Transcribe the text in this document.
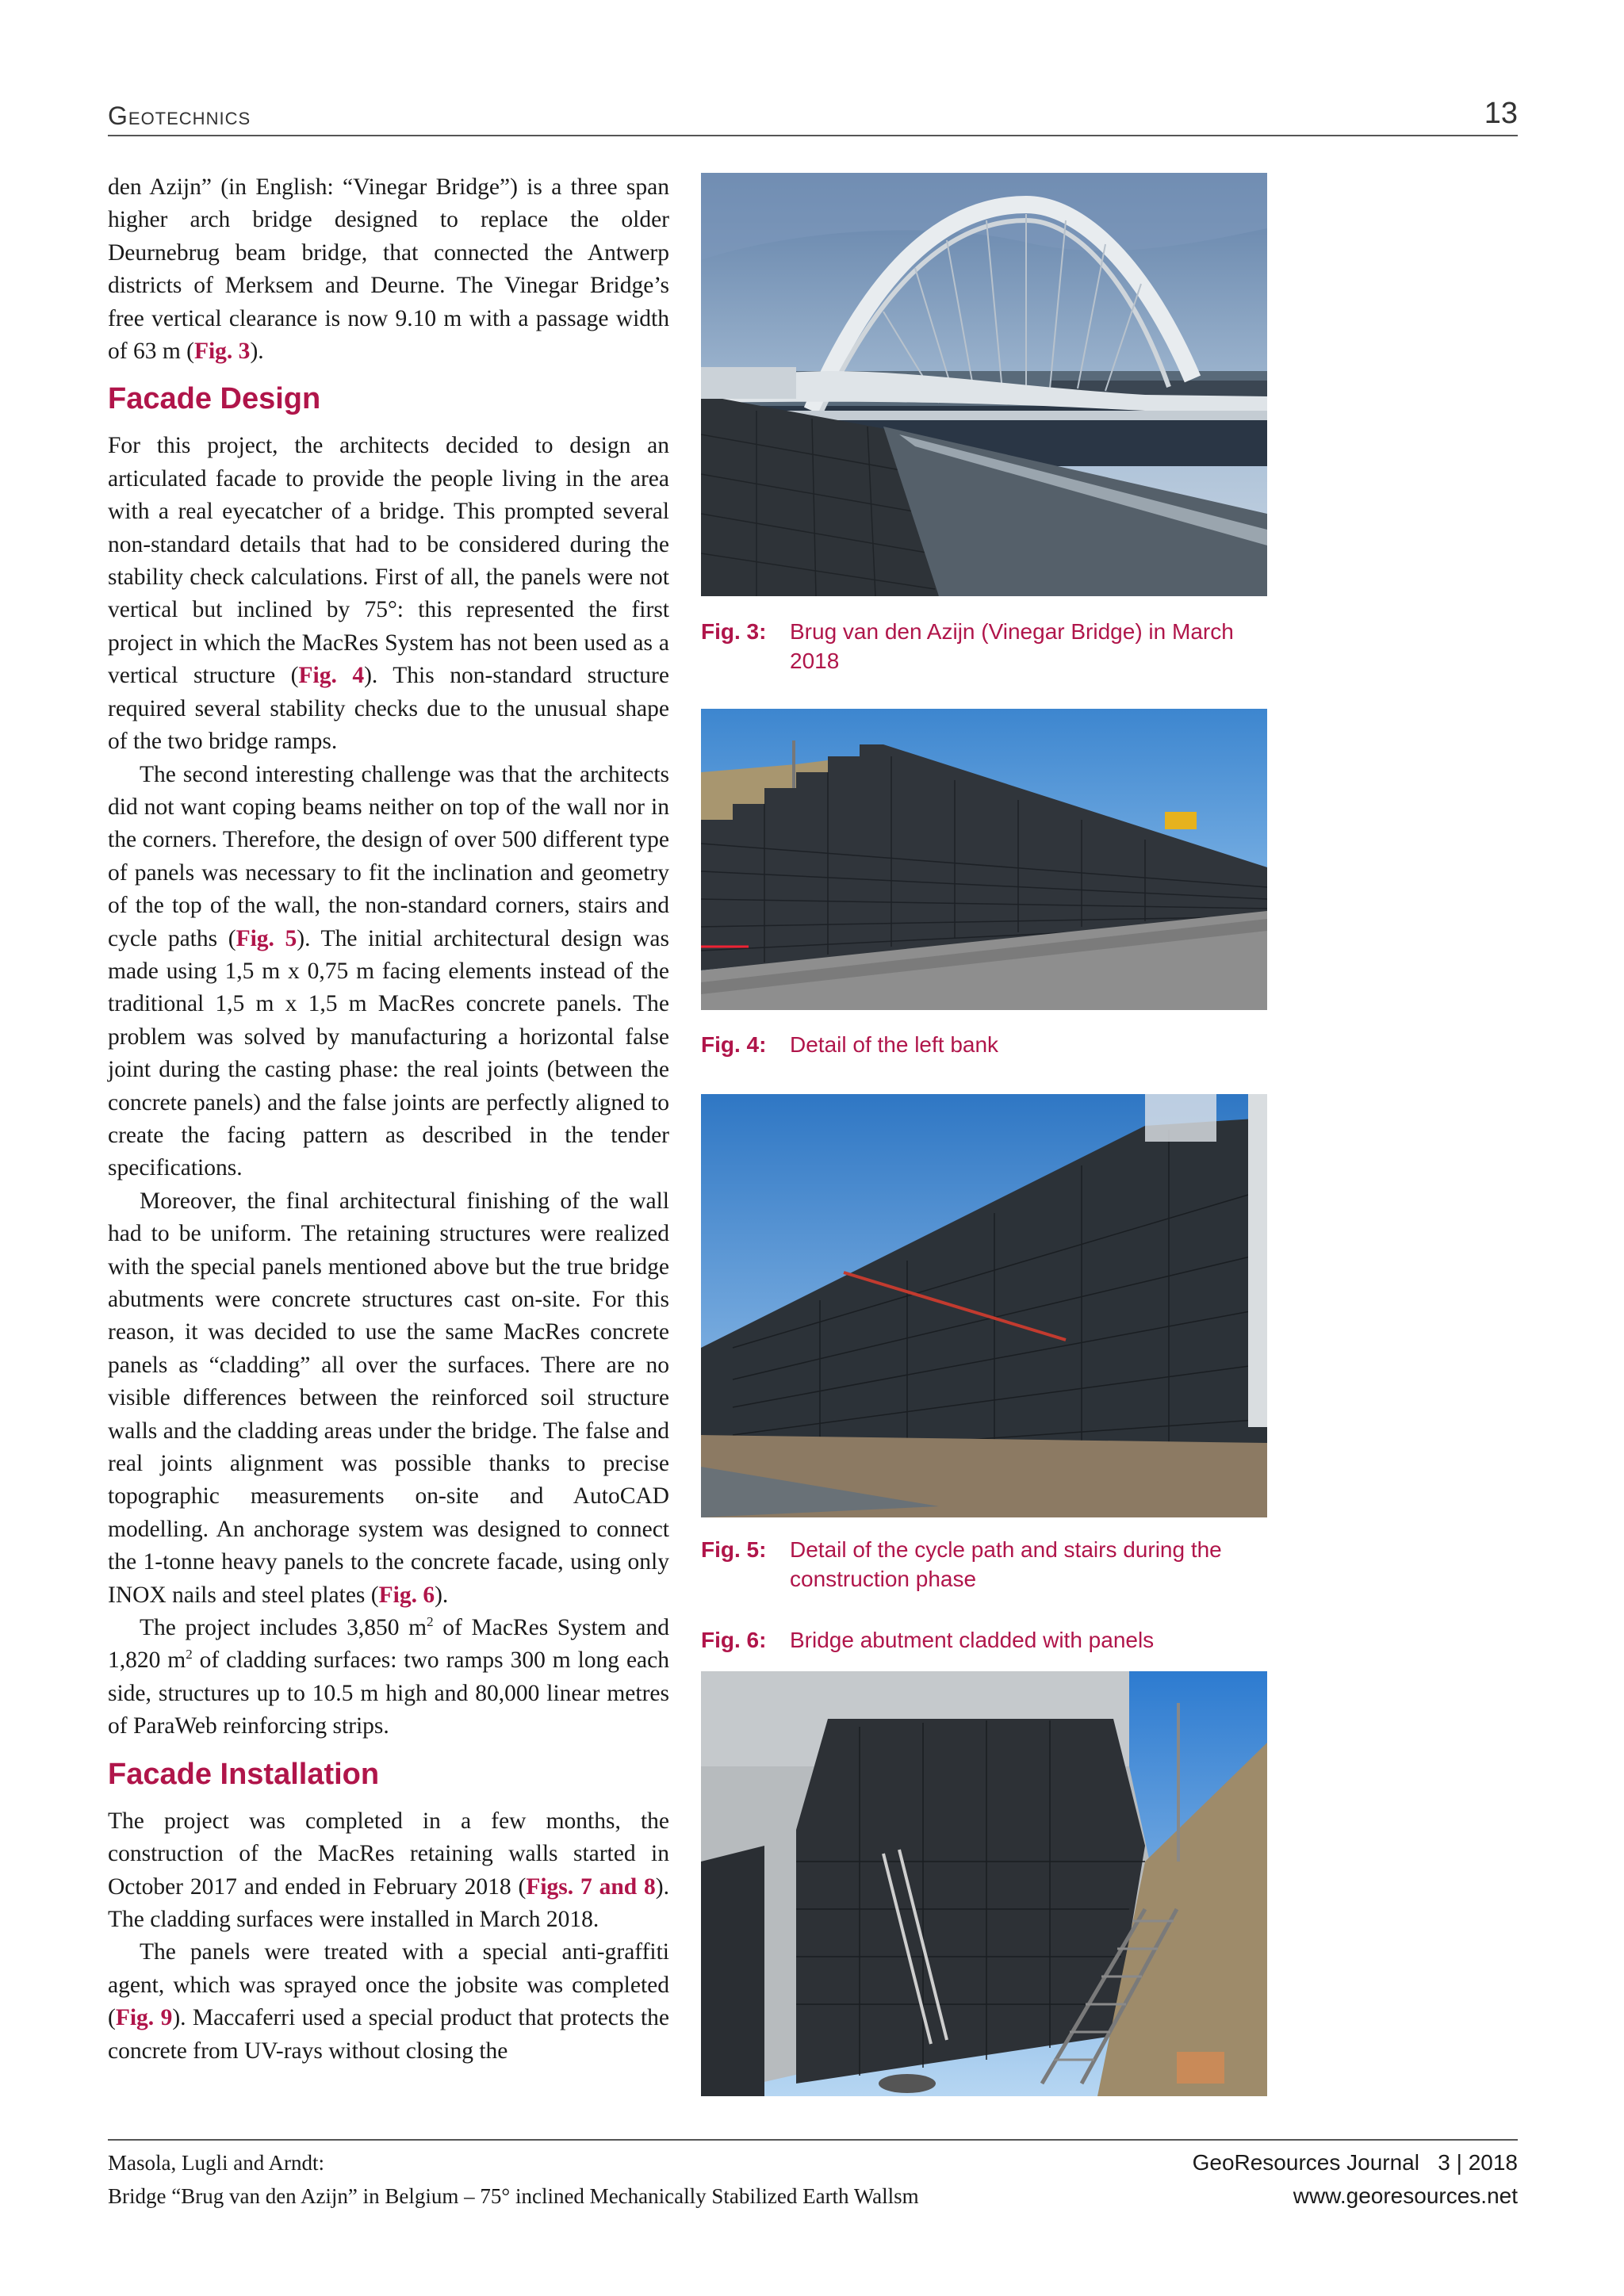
Geotechnics	13

den Azijn” (in English: “Vinegar Bridge”) is a three span higher arch bridge designed to replace the older Deurnebrug beam bridge, that connected the Antwerp districts of Merksem and Deurne. The Vinegar Bridge’s free vertical clearance is now 9.10 m with a passage width of 63 m (Fig. 3).

Facade Design

For this project, the architects decided to design an articulated facade to provide the people living in the area with a real eyecatcher of a bridge. This prompted several non-standard details that had to be considered during the stability check calculations. First of all, the panels were not vertical but inclined by 75°: this represented the first project in which the MacRes System has not been used as a vertical structure (Fig. 4). This non-standard structure required several stability checks due to the unusual shape of the two bridge ramps.

The second interesting challenge was that the architects did not want coping beams neither on top of the wall nor in the corners. Therefore, the design of over 500 different type of panels was necessary to fit the inclination and geometry of the top of the wall, the non-standard corners, stairs and cycle paths (Fig. 5). The initial architectural design was made using 1,5 m x 0,75 m facing elements instead of the traditional 1,5 m x 1,5 m MacRes concrete panels. The problem was solved by manufacturing a horizontal false joint during the casting phase: the real joints (between the concrete panels) and the false joints are perfectly aligned to create the facing pattern as described in the tender specifications.

Moreover, the final architectural finishing of the wall had to be uniform. The retaining structures were realized with the special panels mentioned above but the true bridge abutments were concrete structures cast on-site. For this reason, it was decided to use the same MacRes concrete panels as “cladding” all over the surfaces. There are no visible differences between the reinforced soil structure walls and the cladding areas under the bridge. The false and real joints alignment was possible thanks to precise topographic measurements on-site and AutoCAD modelling. An anchorage system was designed to connect the 1-tonne heavy panels to the concrete facade, using only INOX nails and steel plates (Fig. 6).

The project includes 3,850 $m^2$ of MacRes System and 1,820 $m^2$ of cladding surfaces: two ramps 300 m long each side, structures up to 10.5 m high and 80,000 linear metres of ParaWeb reinforcing strips.

Facade Installation

The project was completed in a few months, the construction of the MacRes retaining walls started in October 2017 and ended in February 2018 (Figs. 7 and 8). The cladding surfaces were installed in March 2018.

The panels were treated with a special anti-graffiti agent, which was sprayed once the jobsite was completed (Fig. 9). Maccaferri used a special product that protects the concrete from UV-rays without closing the

Fig. 3: Brug van den Azijn (Vinegar Bridge) in March 2018
Fig. 4: Detail of the left bank
Fig. 5: Detail of the cycle path and stairs during the construction phase
Fig. 6: Bridge abutment cladded with panels
Masola, Lugli and Arndt:
Bridge “Brug van den Azijn” in Belgium – 75° inclined Mechanically Stabilized Earth Wallsm
GeoResources Journal   3 | 2018
www.georesources.net
